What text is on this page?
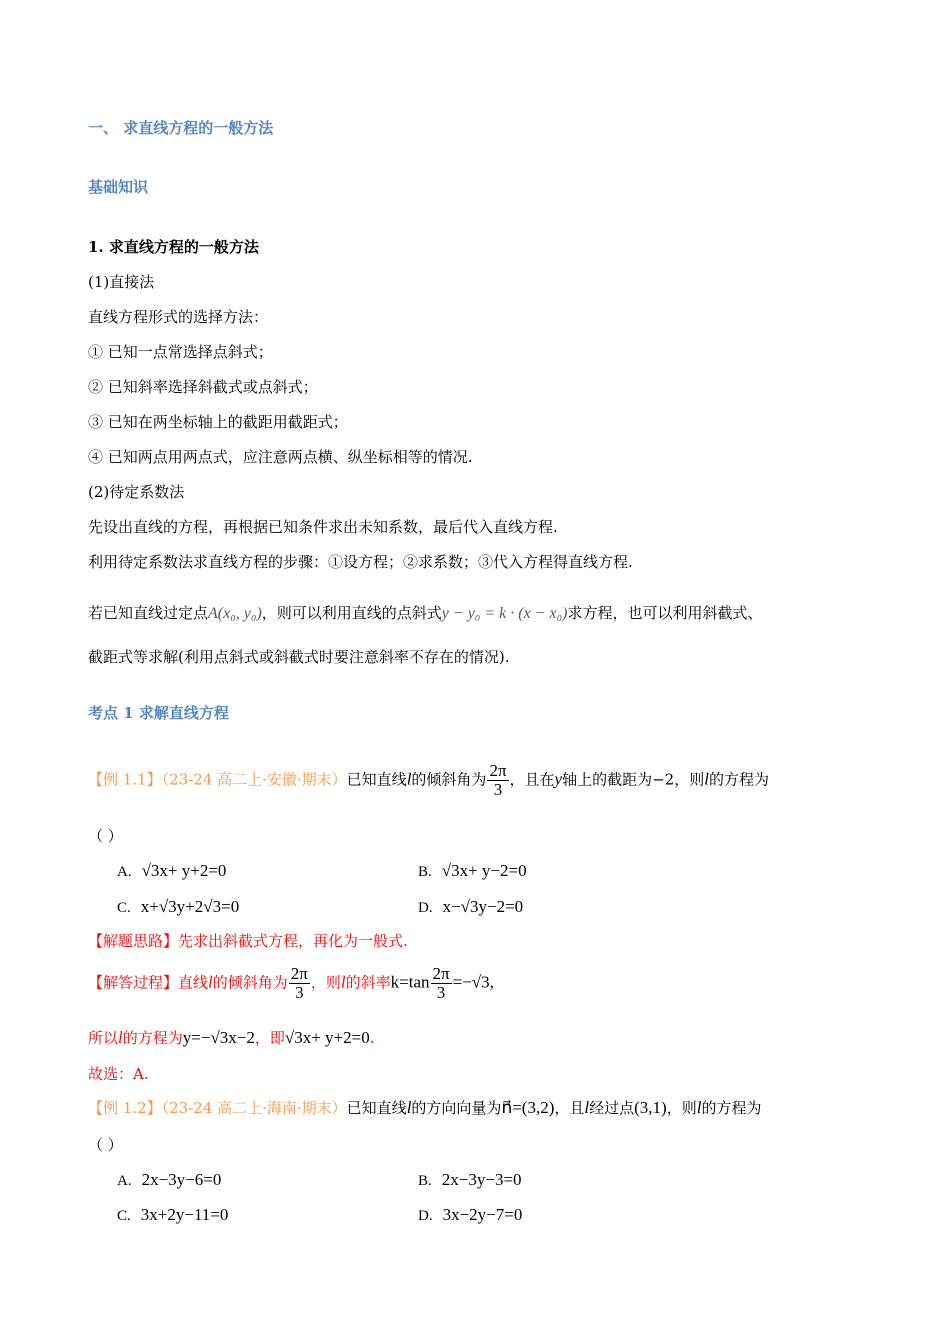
一、 求直线方程的一般方法
基础知识
1. 求直线方程的一般方法
(1)直接法
直线方程形式的选择方法：
① 已知一点常选择点斜式；
② 已知斜率选择斜截式或点斜式；
③ 已知在两坐标轴上的截距用截距式；
④ 已知两点用两点式，应注意两点横、纵坐标相等的情况.
(2)待定系数法
先设出直线的方程，再根据已知条件求出未知系数，最后代入直线方程.
利用待定系数法求直线方程的步骤：①设方程；②求系数；③代入方程得直线方程.
若已知直线过定点A(x₀, y₀)，则可以利用直线的点斜式y − y₀ = k · (x − x₀)求方程，也可以利用斜截式、
截距式等求解(利用点斜式或斜截式时要注意斜率不存在的情况).
考点 1 求解直线方程
【例 1.1】（23-24 高二上·安徽·期末）已知直线l的倾斜角为 $\frac{2\pi}{3}$ ，且在y轴上的截距为−2，则l的方程为
（ ）
A. √3x+ y+2=0	B. √3x+ y−2=0
C. x+√3y+2√3=0	D. x−√3y−2=0
【解题思路】先求出斜截式方程，再化为一般式.
【解答过程】直线l的倾斜角为 $\frac{2\pi}{3}$ ，则l的斜率$k=\tan \frac{2\pi}{3} =-√3$,
所以l的方程为y=−√3x−2，即√3x+ y+2=0.
故选：A.
【例 1.2】（23-24 高二上·海南·期末）已知直线l的方向向量为n⃗=(3,2)，且l经过点(3,1)，则l的方程为
（ ）
A. 2x−3y−6=0	B. 2x−3y−3=0
C. 3x+2y−11=0	D. 3x−2y−7=0
